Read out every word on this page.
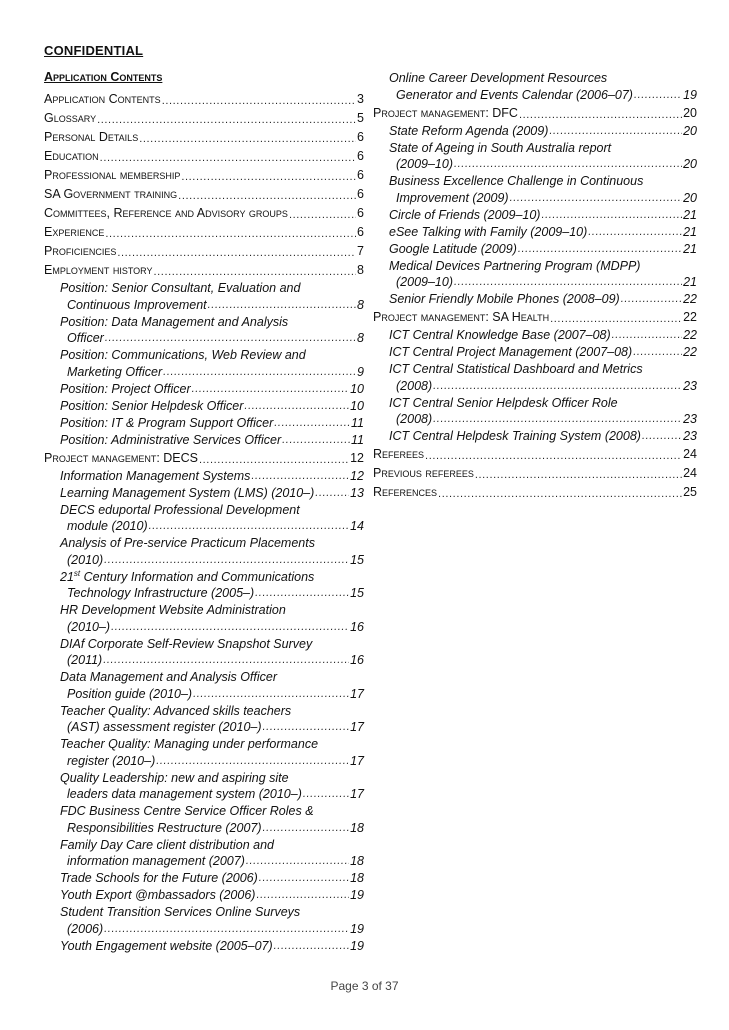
CONFIDENTIAL
Application Contents
Application Contents .....	3
Glossary .....	5
Personal Details .....	6
Education .....	6
Professional membership .....	6
SA Government training .....	6
Committees, Reference and Advisory groups .....	6
Experience .....	6
Proficiencies .....	7
Employment history .....	8
Position: Senior Consultant, Evaluation and
Continuous Improvement .....	8
Position: Data Management and Analysis
Officer .....	8
Position: Communications, Web Review and
Marketing Officer .....	9
Position: Project Officer .....	10
Position: Senior Helpdesk Officer .....	10
Position: IT & Program Support Officer .....	11
Position: Administrative Services Officer .....	11
Project management: DECS .....	12
Information Management Systems .....	12
Learning Management System (LMS) (2010–) .....	13
DECS eduportal Professional Development
module (2010) .....	14
Analysis of Pre-service Practicum Placements
(2010) .....	15
21st Century Information and Communications
Technology Infrastructure (2005–) .....	15
HR Development Website Administration
(2010–) .....	16
DIAf Corporate Self-Review Snapshot Survey
(2011) .....	16
Data Management and Analysis Officer
Position guide (2010–) .....	17
Teacher Quality: Advanced skills teachers
(AST) assessment register (2010–) .....	17
Teacher Quality: Managing under performance
register (2010–) .....	17
Quality Leadership: new and aspiring site
leaders data management system (2010–) .....	17
FDC Business Centre Service Officer Roles &
Responsibilities Restructure (2007) .....	18
Family Day Care client distribution and
information management (2007) .....	18
Trade Schools for the Future (2006) .....	18
Youth Export @mbassadors (2006) .....	19
Student Transition Services Online Surveys
(2006) .....	19
Youth Engagement website (2005–07) .....	19
Online Career Development Resources
Generator and Events Calendar (2006–07) .....	19
Project management: DFC .....	20
State Reform Agenda (2009) .....	20
State of Ageing in South Australia report
(2009–10) .....	20
Business Excellence Challenge in Continuous
Improvement (2009) .....	20
Circle of Friends (2009–10) .....	21
eSee Talking with Family (2009–10) .....	21
Google Latitude (2009) .....	21
Medical Devices Partnering Program (MDPP)
(2009–10) .....	21
Senior Friendly Mobile Phones (2008–09) .....	22
Project management: SA Health .....	22
ICT Central Knowledge Base (2007–08) .....	22
ICT Central Project Management (2007–08) .....	22
ICT Central Statistical Dashboard and Metrics
(2008) .....	23
ICT Central Senior Helpdesk Officer Role
(2008) .....	23
ICT Central Helpdesk Training System (2008) .....	23
Referees .....	24
Previous referees .....	24
References .....	25
Page 3 of 37
